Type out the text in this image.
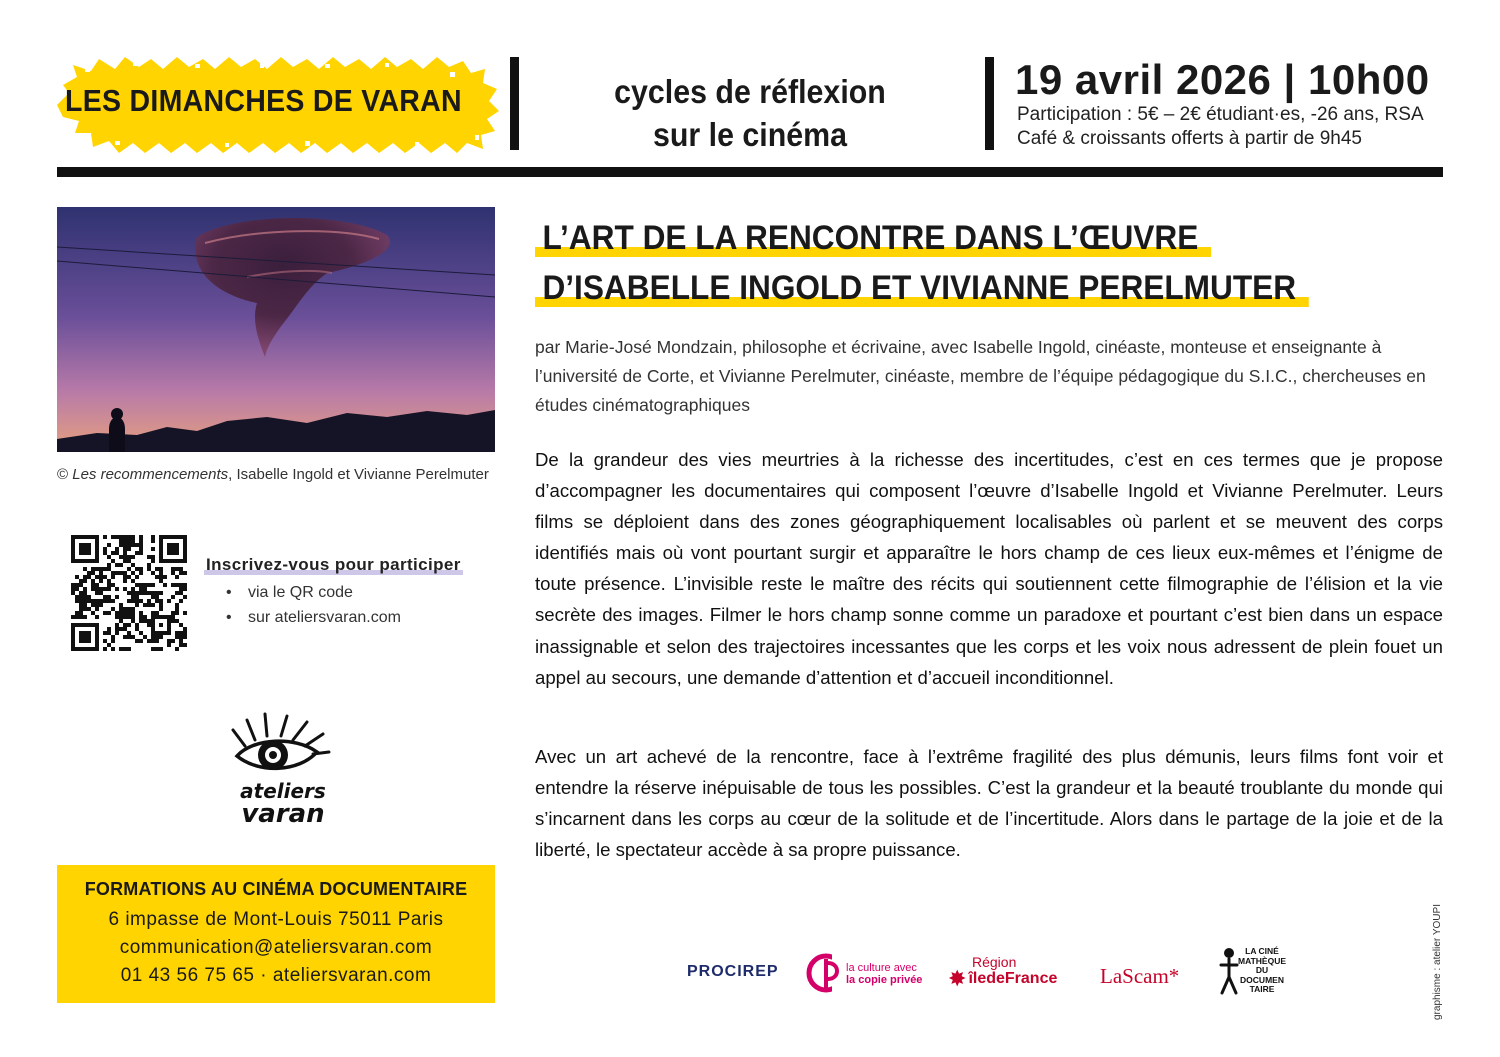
LES DIMANCHES DE VARAN	cycles de réflexion
sur le cinéma
19 avril 2026 | 10h00
Participation : 5€ – 2€ étudiant·es, -26 ans, RSA
Café & croissants offerts à partir de 9h45
© Les recommencements, Isabelle Ingold et Vivianne Perelmuter
Inscrivez-vous pour participer
• via le QR code
• sur ateliersvaran.com
ateliers
varan
FORMATIONS AU CINÉMA DOCUMENTAIRE
6 impasse de Mont-Louis 75011 Paris
communication@ateliersvaran.com
01 43 56 75 65 · ateliersvaran.com
L’ART DE LA RENCONTRE DANS L’ŒUVRE
D’ISABELLE INGOLD ET VIVIANNE PERELMUTER
par Marie-José Mondzain, philosophe et écrivaine, avec Isabelle Ingold, cinéaste, monteuse et enseignante à l’université de Corte, et Vivianne Perelmuter, cinéaste, membre de l’équipe pédagogique du S.I.C., chercheuses en études cinématographiques

De la grandeur des vies meurtries à la richesse des incertitudes, c’est en ces termes que je propose d’accompagner les documentaires qui composent l’œuvre d’Isabelle Ingold et Vivianne Perelmuter. Leurs films se déploient dans des zones géographiquement localisables où parlent et se meuvent des corps identifiés mais où vont pourtant surgir et apparaître le hors champ de ces lieux eux-mêmes et l’énigme de toute présence. L’invisible reste le maître des récits qui soutiennent cette filmographie de l’élision et la vie secrète des images. Filmer le hors champ sonne comme un paradoxe et pourtant c’est bien dans un espace inassignable et selon des trajectoires incessantes que les corps et les voix nous adressent de plein fouet un appel au secours, une demande d’attention et d’accueil inconditionnel.

Avec un art achevé de la rencontre, face à l’extrême fragilité des plus démunis, leurs films font voir et entendre la réserve inépuisable de tous les possibles. C’est la grandeur et la beauté troublante du monde qui s’incarnent dans les corps au cœur de la solitude et de l’incertitude. Alors dans le partage de la joie et de la liberté, le spectateur accède à sa propre puissance.

PROCIREP	la culture avec
la copie privée
Région
✸ îledeFrance LaScam*
LA CINÉ
MATHÈQUE
DU
DOCUMEN
TAIRE	graphisme : atelier YOUPI
